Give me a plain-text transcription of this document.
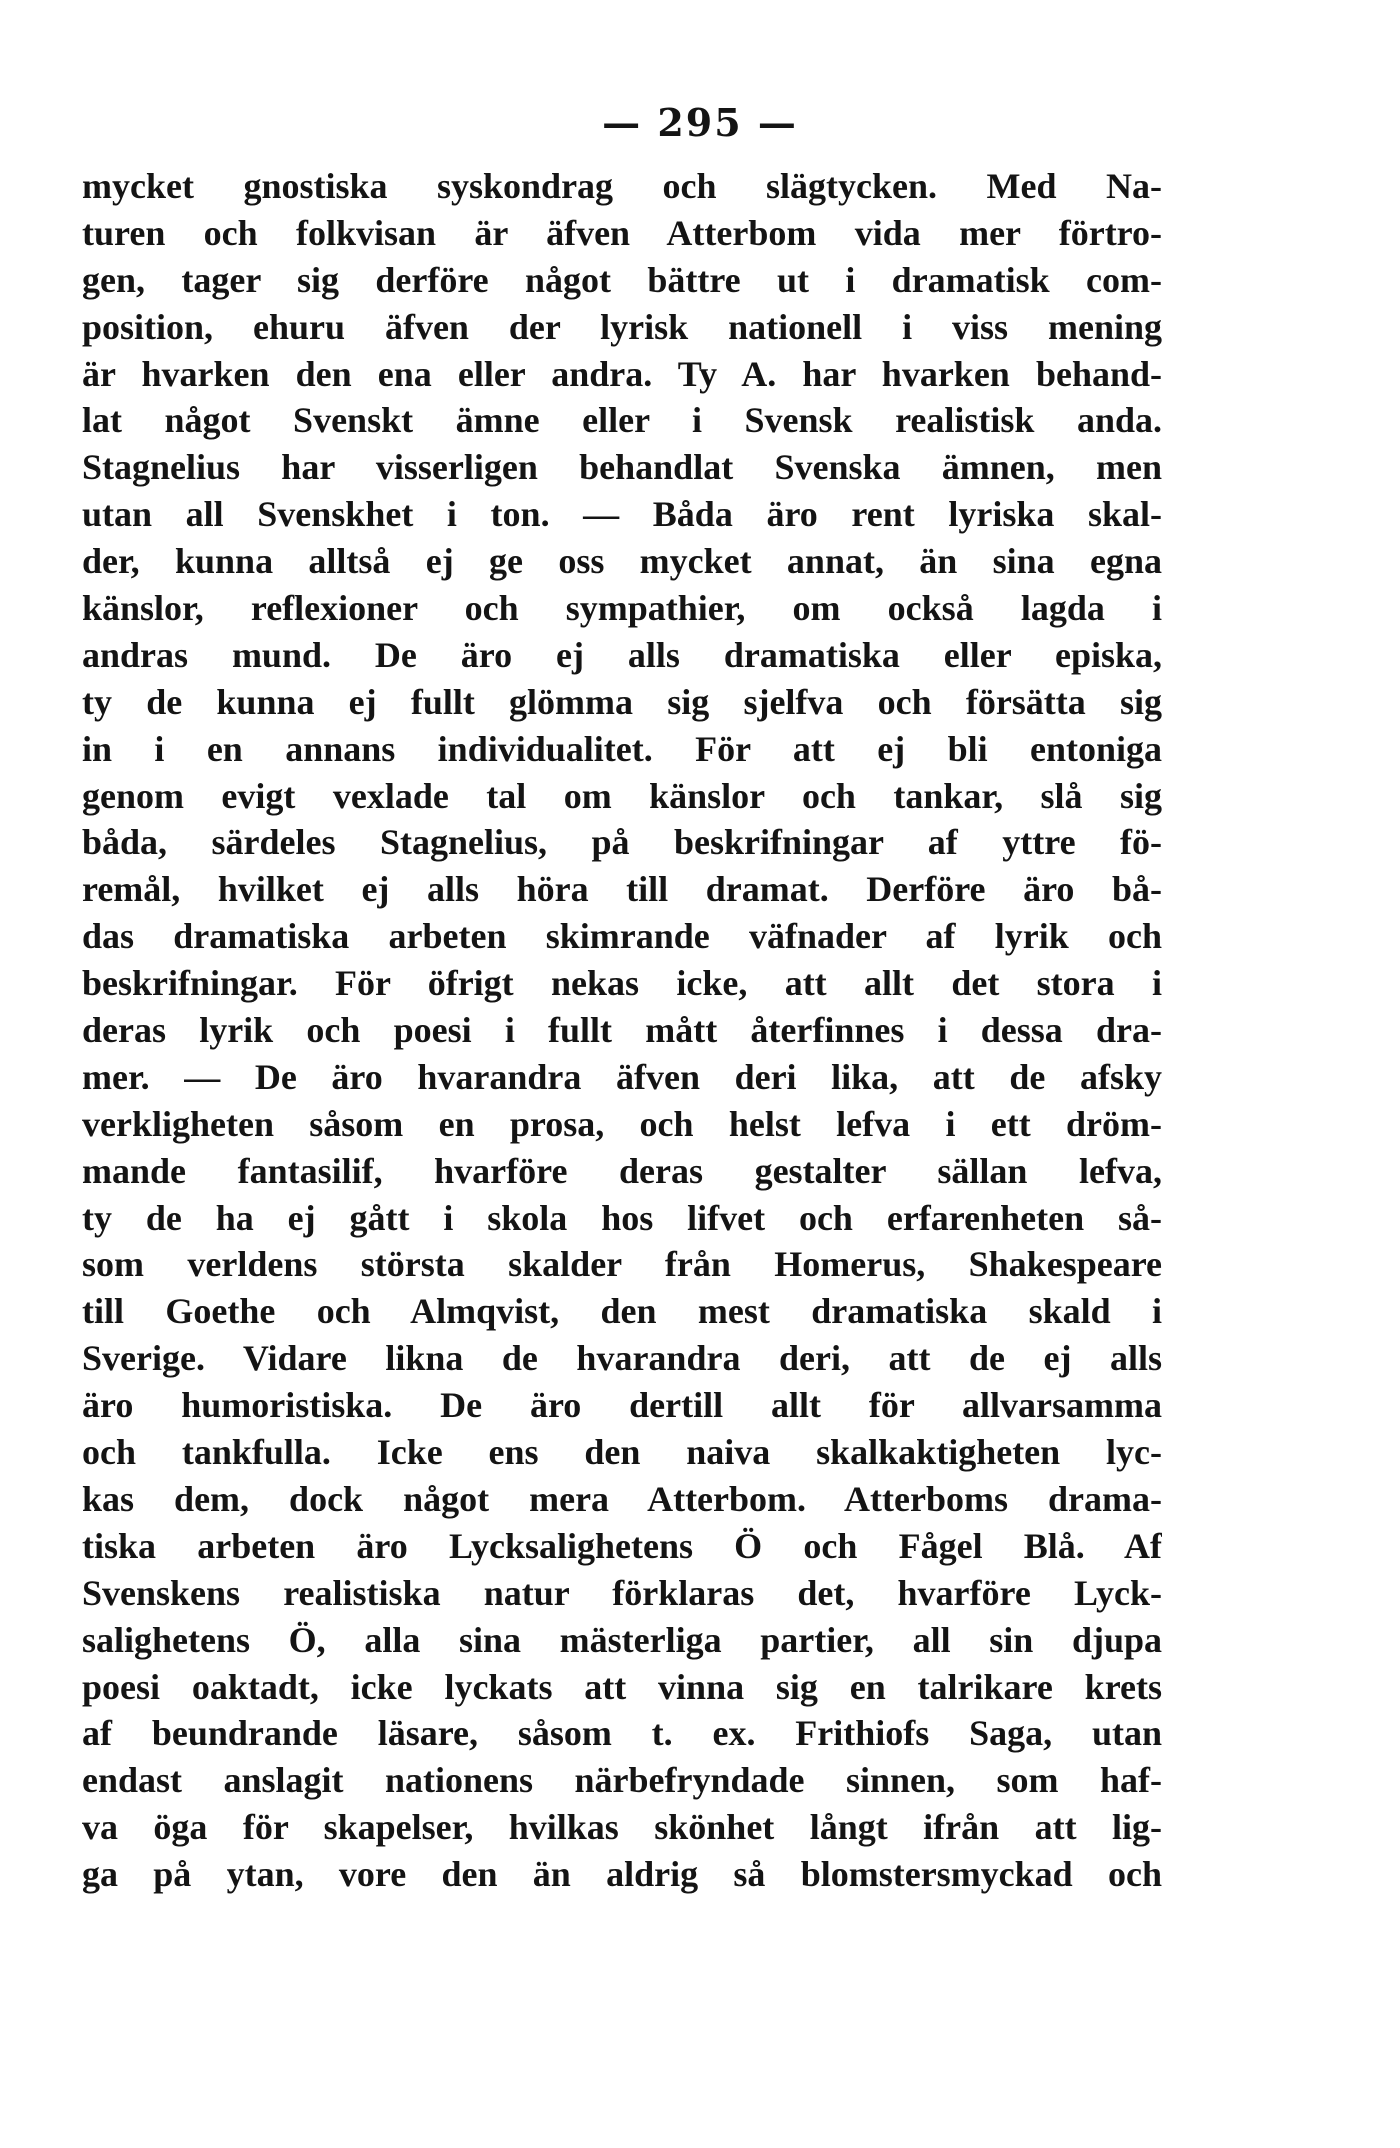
— 295 —
mycket gnostiska sysk​ondrag och slägtycken. Med Na-
turen och folkvisan är äfven Atterbom vida mer förtro-
gen, tager sig derföre något bättre ut i dramatisk com-
position, ehuru äfven der lyrisk nationell i viss mening
är hvarken den ena eller andra. Ty A. har hvarken behand-
lat något Svenskt ämne eller i Svensk realistisk anda.
Stagnelius har visserligen behandlat Svenska ämnen, men
utan all Svenskhet i ton. — Båda äro rent lyriska skal-
der, kunna alltså ej ge oss mycket annat, än sina egna
känslor, reflexioner och sympathier, om också lagda i
andras mund. De äro ej alls dramatiska eller episka,
ty de kunna ej fullt glömma sig sjelfva och försätta sig
in i en annans individualitet. För att ej bli entoniga
genom evigt vexlade tal om känslor och tankar, slå sig
båda, särdeles Stagnelius, på beskrifningar af yttre fö-
remål, hvilket ej alls höra till dramat. Derföre äro bå-
das dramatiska arbeten skimrande väfnader af lyrik och
beskrifningar. För öfrigt nekas icke, att allt det stora i
deras lyrik och poesi i fullt mått återfinnes i dessa dra-
mer. — De äro hvarandra äfven deri lika, att de afsky
verkligheten såsom en prosa, och helst lefva i ett dröm-
mande fantasilif, hvarföre deras gestalter sällan lefva,
ty de ha ej gått i skola hos lifvet och erfarenheten så-
som verldens största skalder från Homerus, Shakespeare
till Goethe och Almqvist, den mest dramatiska skald i
Sverige. Vidare likna de hvarandra deri, att de ej alls
äro humoristiska. De äro dertill allt för allvarsamma
och tankfulla. Icke ens den naiva skalkaktigheten lyc-
kas dem, dock något mera Atterbom. Atterboms drama-
tiska arbeten äro Lycksalighetens Ö och Fågel Blå. Af
Svenskens realistiska natur förklaras det, hvarföre Lyck-
salighetens Ö, alla sina mästerliga partier, all sin djupa
poesi oaktadt, icke lyckats att vinna sig en talrikare krets
af beundrande läsare, såsom t. ex. Frithiofs Saga, utan
endast anslagit nationens närbefryndade sinnen, som haf-
va öga för skapelser, hvilkas skönhet långt ifrån att lig-
ga på ytan, vore den än aldrig så blomstersmyckad och
